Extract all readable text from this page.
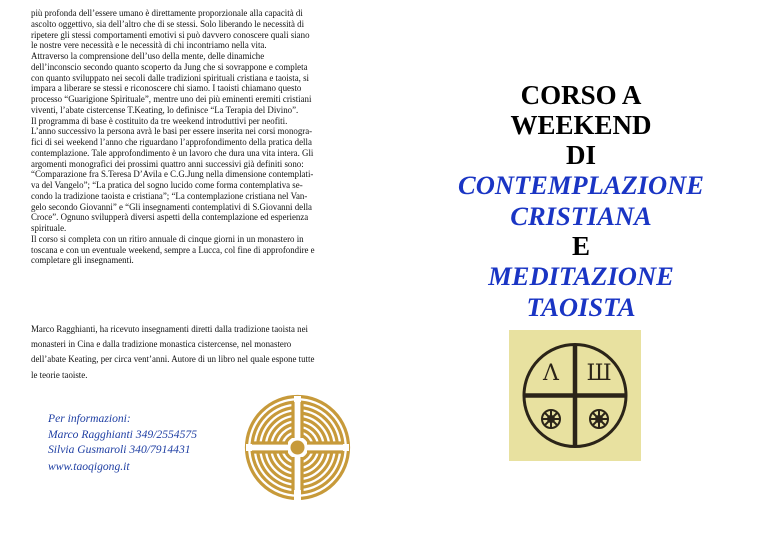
più profonda dell’essere umano è direttamente proporzionale alla capacità di
ascolto oggettivo, sia dell’altro che di se stessi. Solo liberando le necessità di
ripetere gli stessi comportamenti emotivi si può davvero conoscere quali siano
le nostre vere necessità e le necessità di chi incontriamo nella vita.
Attraverso la comprensione dell’uso della mente, delle dinamiche
dell’inconscio secondo quanto scoperto da Jung che si sovrappone e completa
con quanto sviluppato nei secoli dalle tradizioni spirituali cristiana e taoista, si
impara a liberare se stessi e riconoscere chi siamo. I taoisti chiamano questo
processo “Guarigione Spirituale”, mentre uno dei più eminenti eremiti cristiani
viventi, l’abate cistercense T.Keating, lo definisce “La Terapia del Divino”.
Il programma di base è costituito da tre weekend introduttivi per neofiti.
L’anno successivo la persona avrà le basi per essere inserita nei corsi monogra-
fici di sei weekend l’anno che riguardano l’approfondimento della pratica della
contemplazione. Tale approfondimento è un lavoro che dura una vita intera. Gli
argomenti monografici dei prossimi quattro anni successivi già definiti sono:
“Comparazione fra S.Teresa D’Avila e C.G.Jung nella dimensione contemplati-
va del Vangelo”; “La pratica del sogno lucido come forma contemplativa se-
condo la tradizione taoista e cristiana”; “La contemplazione cristiana nel Van-
gelo secondo Giovanni” e “Gli insegnamenti contemplativi di S.Giovanni della
Croce”. Ognuno svilupperà diversi aspetti della contemplazione ed esperienza
spirituale.
Il corso si completa con un ritiro annuale di cinque giorni in un monastero in
toscana e con un eventuale weekend, sempre a Lucca, col fine di approfondire e
completare gli insegnamenti.
Marco Ragghianti, ha ricevuto insegnamenti diretti dalla tradizione taoista nei
monasteri in Cina e dalla tradizione monastica cistercense, nel monastero
dell’abate Keating, per circa vent’anni. Autore di un libro nel quale espone tutte
le teorie taoiste.
Per informazioni:
Marco Ragghianti 349/2554575
Silvia Gusmaroli 340/7914431
www.taoqigong.it
CORSO A
WEEKEND
DI
CONTEMPLAZIONE
CRISTIANA
E
MEDITAZIONE
TAOISTA
Λ Ш
